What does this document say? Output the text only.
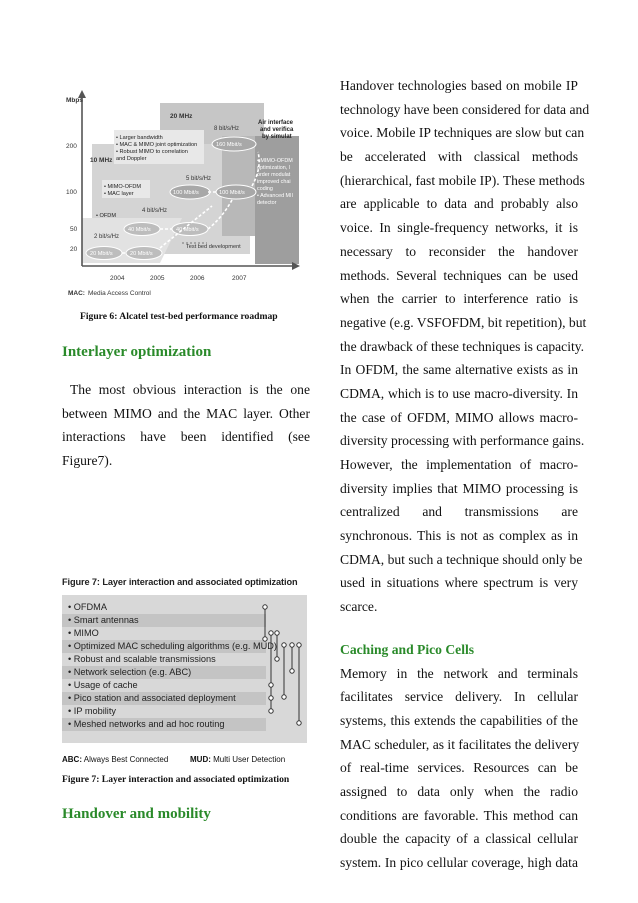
Mbps
200
100
50
20
2004	2005	2006	2007
20 MHz
10 MHz
8 bit/s/Hz
5 bit/s/Hz
4 bit/s/Hz
2 bit/s/Hz
160 Mbit/s
100 Mbit/s	100 Mbit/s
40 Mbit/s	40 Mbit/s
20 Mbit/s	20 Mbit/s
Test bed development
• Larger bandwidth
• MAC & MIMO joint optimization
• Robust MIMO to correlation
and Doppler
• MIMO-OFDM
• MAC layer
• OFDM
Air interface
and verifica
by simulat
• MIMO-OFDM
optimization, l
order modulat
improved chai
coding
• Advanced MII
detector
MAC: Media Access Control
Figure 6: Alcatel test-bed performance roadmap
Interlayer optimization
The most obvious interaction is the one
between MIMO and the MAC layer. Other
interactions have been identified (see
Figure7).
Figure 7: Layer interaction and associated optimization
• OFDMA
• Smart antennas
• MIMO
• Optimized MAC scheduling algorithms (e.g. MUD)
• Robust and scalable transmissions
• Network selection (e.g. ABC)
• Usage of cache
• Pico station and associated deployment
• IP mobility
• Meshed networks and ad hoc routing
ABC: Always Best Connected	MUD: Multi User Detection
Figure 7: Layer interaction and associated optimization
Handover and mobility
Handover technologies based on mobile IP
technology have been considered for data and
voice. Mobile IP techniques are slow but can
be accelerated with classical methods
(hierarchical, fast mobile IP). These methods
are applicable to data and probably also
voice. In single-frequency networks, it is
necessary to reconsider the handover
methods. Several techniques can be used
when the carrier to interference ratio is
negative (e.g. VSFOFDM, bit repetition), but
the drawback of these techniques is capacity.
In OFDM, the same alternative exists as in
CDMA, which is to use macro-diversity. In
the case of OFDM, MIMO allows macro-
diversity processing with performance gains.
However, the implementation of macro-
diversity implies that MIMO processing is
centralized and transmissions are
synchronous. This is not as complex as in
CDMA, but such a technique should only be
used in situations where spectrum is very
scarce.
Caching and Pico Cells
Memory in the network and terminals
facilitates service delivery. In cellular
systems, this extends the capabilities of the
MAC scheduler, as it facilitates the delivery
of real-time services. Resources can be
assigned to data only when the radio
conditions are favorable. This method can
double the capacity of a classical cellular
system. In pico cellular coverage, high data
